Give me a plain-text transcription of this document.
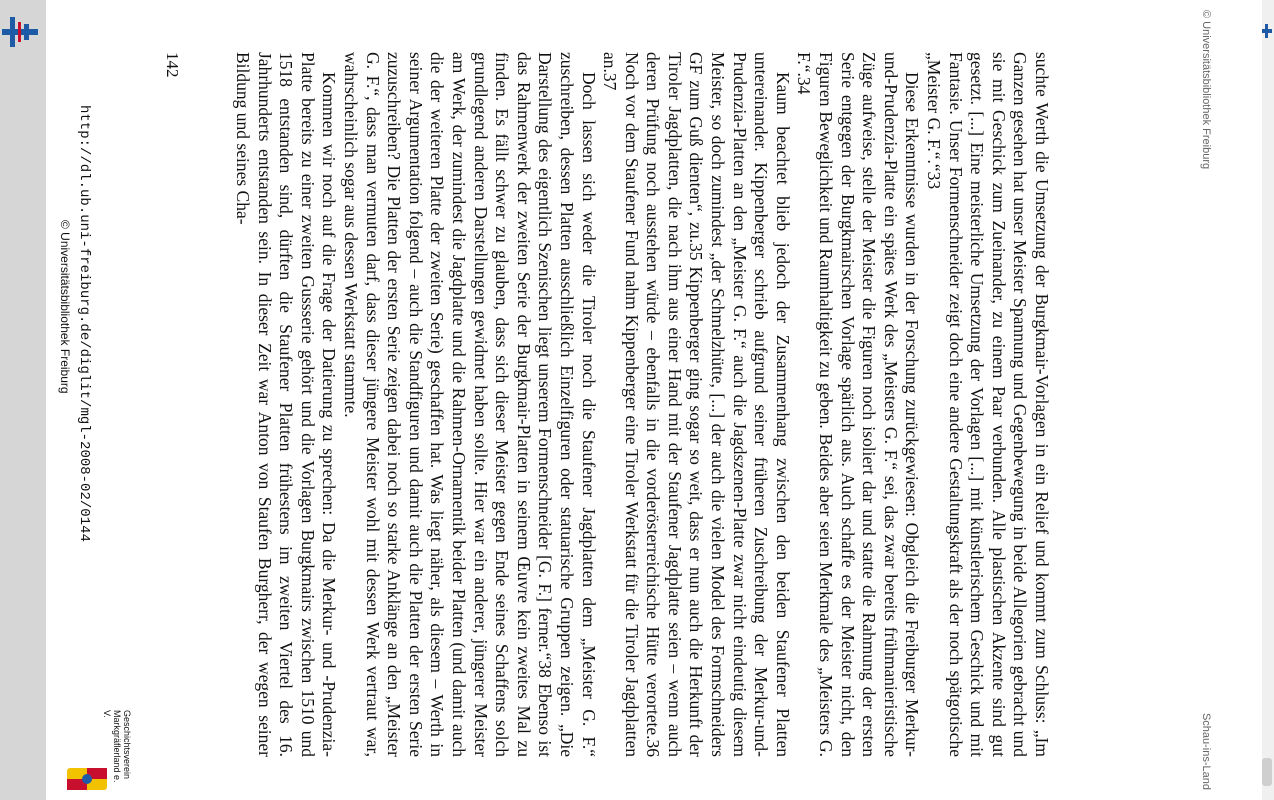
© Universitätsbibliothek Freiburg
Schau-ins-Land

suchte Werth die Umsetzung der Burgkmair-Vorlagen in ein Relief und kommt zum Schluss: „Im Ganzen gesehen hat unser Meister Spannung und Gegenbewegung in beide Allegorien gebracht und sie mit Geschick zum Zueinander, zu einem Paar verbunden. Alle plastischen Akzente sind gut gesetzt. [...] Eine meisterliche Umsetzung der Vorlagen [...] mit künstlerischem Geschick und mit Fantasie. Unser Formenschneider zeigt doch eine andere Gestaltungskraft als der noch spätgotische „Meister G. F.“.“33

Diese Erkenntnisse wurden in der Forschung zurückgewiesen: Obgleich die Freiburger Merkur-und-Prudenzia-Platte ein spätes Werk des „Meisters G. F.“ sei, das zwar bereits frühmanieristische Züge aufweise, stelle der Meister die Figuren noch isoliert dar und statte die Rahmung der ersten Serie entgegen der Burgkmairschen Vorlage spärlich aus. Auch schaffe es der Meister nicht, den Figuren Beweglichkeit und Raumhaltigkeit zu geben. Beides aber seien Merkmale des „Meisters G. F.“.34

Kaum beachtet blieb jedoch der Zusammenhang zwischen den beiden Staufener Platten untereinander. Kippenberger schrieb aufgrund seiner früheren Zuschreibung der Merkur-und-Prudenzia-Platten an den „Meister G. F.“ auch die Jagdszenen-Platte zwar nicht eindeutig diesem Meister, so doch zumindest „der Schmelzhütte, [...] der auch die vielen Model des Formschneiders GF zum Guß dienten“, zu.35 Kippenberger ging sogar so weit, dass er nun auch die Herkunft der Tiroler Jagdplatten, die nach ihm aus einer Hand mit der Staufener Jagdplatte seien – wenn auch deren Prüfung noch ausstehen würde – ebenfalls in die vorderösterreichische Hütte verortete.36 Noch vor dem Staufener Fund nahm Kippenberger eine Tiroler Werkstatt für die Tiroler Jagdplatten an.37

Doch lassen sich weder die Tiroler noch die Staufener Jagdplatten dem „Meister G. F.“ zuschreiben, dessen Platten ausschließlich Einzelfiguren oder statuarische Gruppen zeigen. „Die Darstellung des eigentlich Szenischen liegt unserem Formenschneider [G. F.] ferner.“38 Ebenso ist das Rahmenwerk der zweiten Serie der Burgkmair-Platten in seinem Œuvre kein zweites Mal zu finden. Es fällt schwer zu glauben, dass sich dieser Meister gegen Ende seines Schaffens solch grundlegend anderen Darstellungen gewidmet haben sollte. Hier war ein anderer, jüngerer Meister am Werk, der zumindest die Jagdplatte und die Rahmen-Ornamentik beider Platten (und damit auch die der weiteren Platte der zweiten Serie) geschaffen hat. Was liegt näher, als diesem – Werth in seiner Argumentation folgend – auch die Standfiguren und damit auch die Platten der ersten Serie zuzuschreiben? Die Platten der ersten Serie zeigen dabei noch so starke Anklänge an den „Meister G. F.“, dass man vermuten darf, dass dieser jüngere Meister wohl mit dessen Werk vertraut war, wahrscheinlich sogar aus dessen Werkstatt stammte.

Kommen wir noch auf die Frage der Datierung zu sprechen: Da die Merkur- und -Prudenzia-Platte bereits zu einer zweiten Gussserie gehört und die Vorlagen Burgkmairs zwischen 1510 und 1518 entstanden sind, dürften die Staufener Platten frühestens im zweiten Viertel des 16. Jahrhunderts entstanden sein. In dieser Zeit war Anton von Staufen Burgherr, der wegen seiner Bildung und seines Cha-

142
http://dl.ub.uni-freiburg.de/diglit/mgl-2008-02/0144
© Universitätsbibliothek Freiburg
Geschichtsverein
Markgräflerland e. V.
